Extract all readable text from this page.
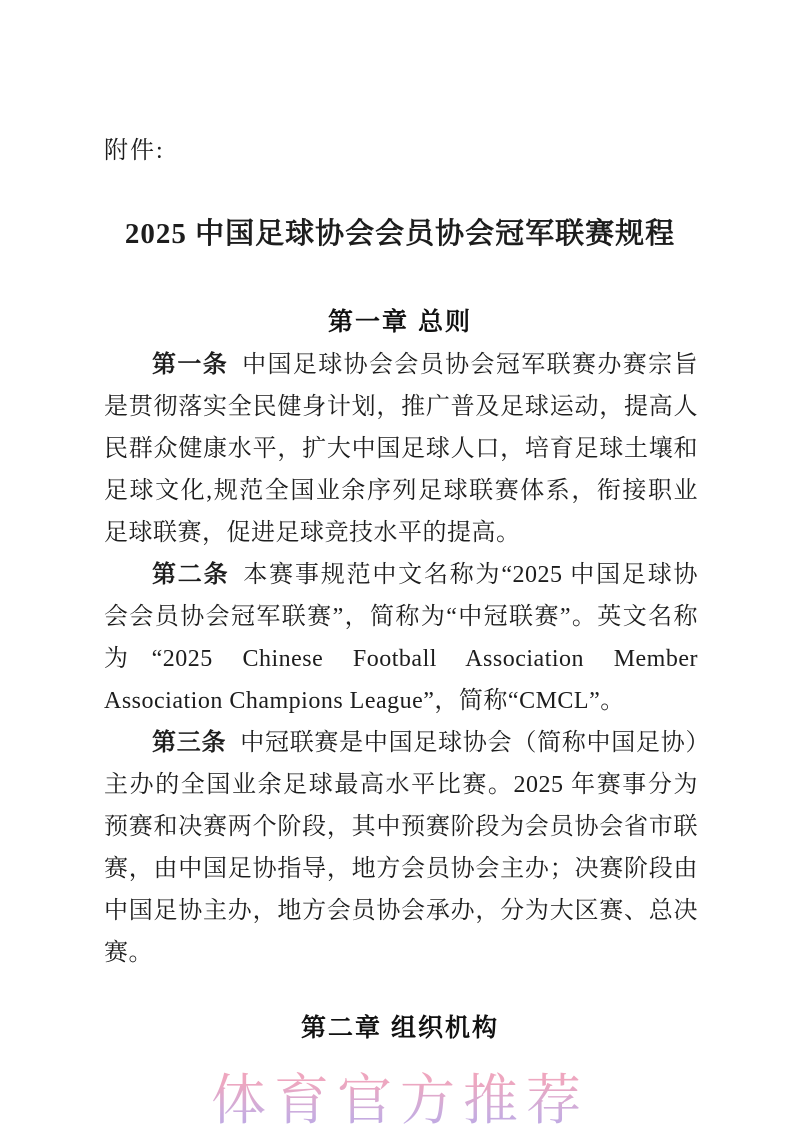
附件:
2025 中国足球协会会员协会冠军联赛规程
第一章 总则

第一条 中国足球协会会员协会冠军联赛办赛宗旨是贯彻落实全民健身计划，推广普及足球运动，提高人民群众健康水平，扩大中国足球人口，培育足球土壤和足球文化,规范全国业余序列足球联赛体系，衔接职业足球联赛，促进足球竞技水平的提高。

第二条 本赛事规范中文名称为“2025 中国足球协会会员协会冠军联赛”，简称为“中冠联赛”。英文名称为“2025 Chinese Football Association Member Association Champions League”，简称“CMCL”。

第三条 中冠联赛是中国足球协会（简称中国足协）主办的全国业余足球最高水平比赛。2025 年赛事分为预赛和决赛两个阶段，其中预赛阶段为会员协会省市联赛，由中国足协指导，地方会员协会主办；决赛阶段由中国足协主办，地方会员协会承办，分为大区赛、总决赛。

第二章 组织机构
体育官方推荐
